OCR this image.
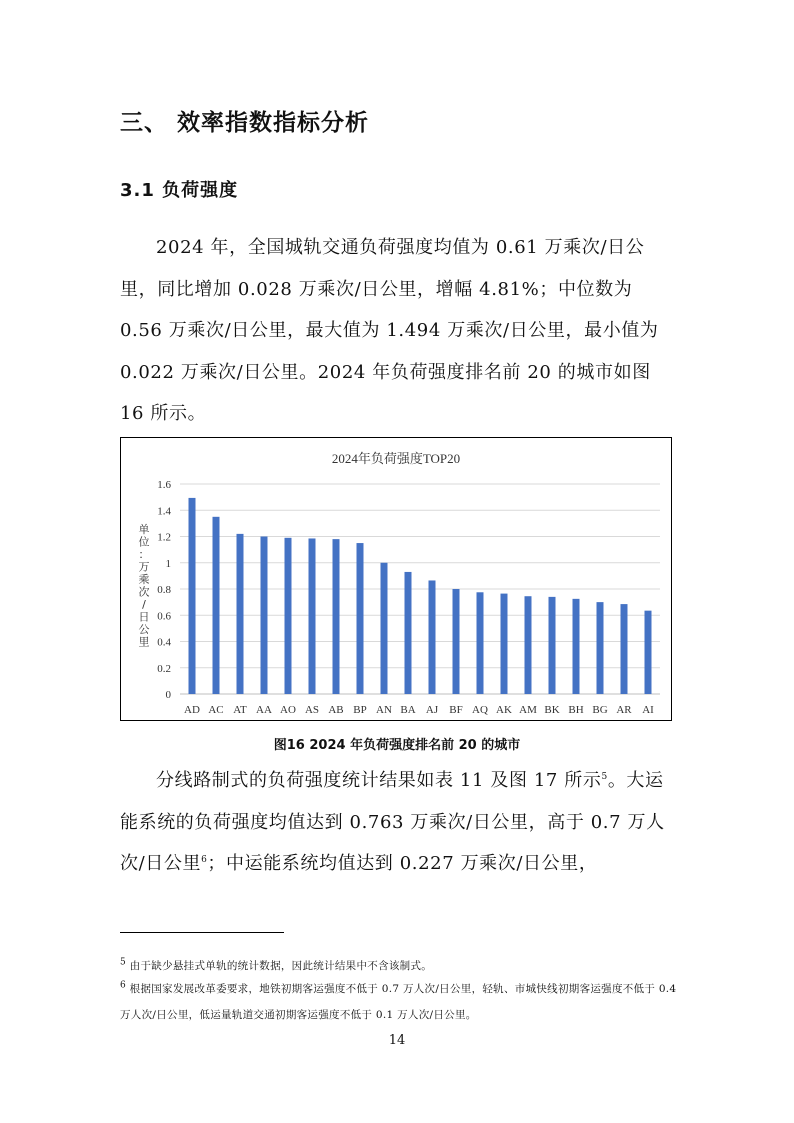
三、 效率指数指标分析
3.1 负荷强度
2024 年，全国城轨交通负荷强度均值为 0.61 万乘次/日公里，同比增加 0.028 万乘次/日公里，增幅 4.81%；中位数为 0.56 万乘次/日公里，最大值为 1.494 万乘次/日公里，最小值为 0.022 万乘次/日公里。2024 年负荷强度排名前 20 的城市如图 16 所示。
2024年负荷强度TOP20
0
0.2
0.4
0.6
0.8
1
1.2
1.4
1.6
单位：万乘次/日公里
AD AC AT AA AO AS AB BP AN BA AJ BF AQ AK AM BK BH BG AR AI
图16 2024 年负荷强度排名前 20 的城市
分线路制式的负荷强度统计结果如表 11 及图 17 所示$^5$。大运能系统的负荷强度均值达到 0.763 万乘次/日公里，高于 0.7 万人次/日公里$^6$；中运能系统均值达到 0.227 万乘次/日公里，
$^5$ 由于缺少悬挂式单轨的统计数据，因此统计结果中不含该制式。
$^6$ 根据国家发展改革委要求，地铁初期客运强度不低于 0.7 万人次/日公里，轻轨、市城快线初期客运强度不低于 0.4 万人次/日公里，低运量轨道交通初期客运强度不低于 0.1 万人次/日公里。
14
